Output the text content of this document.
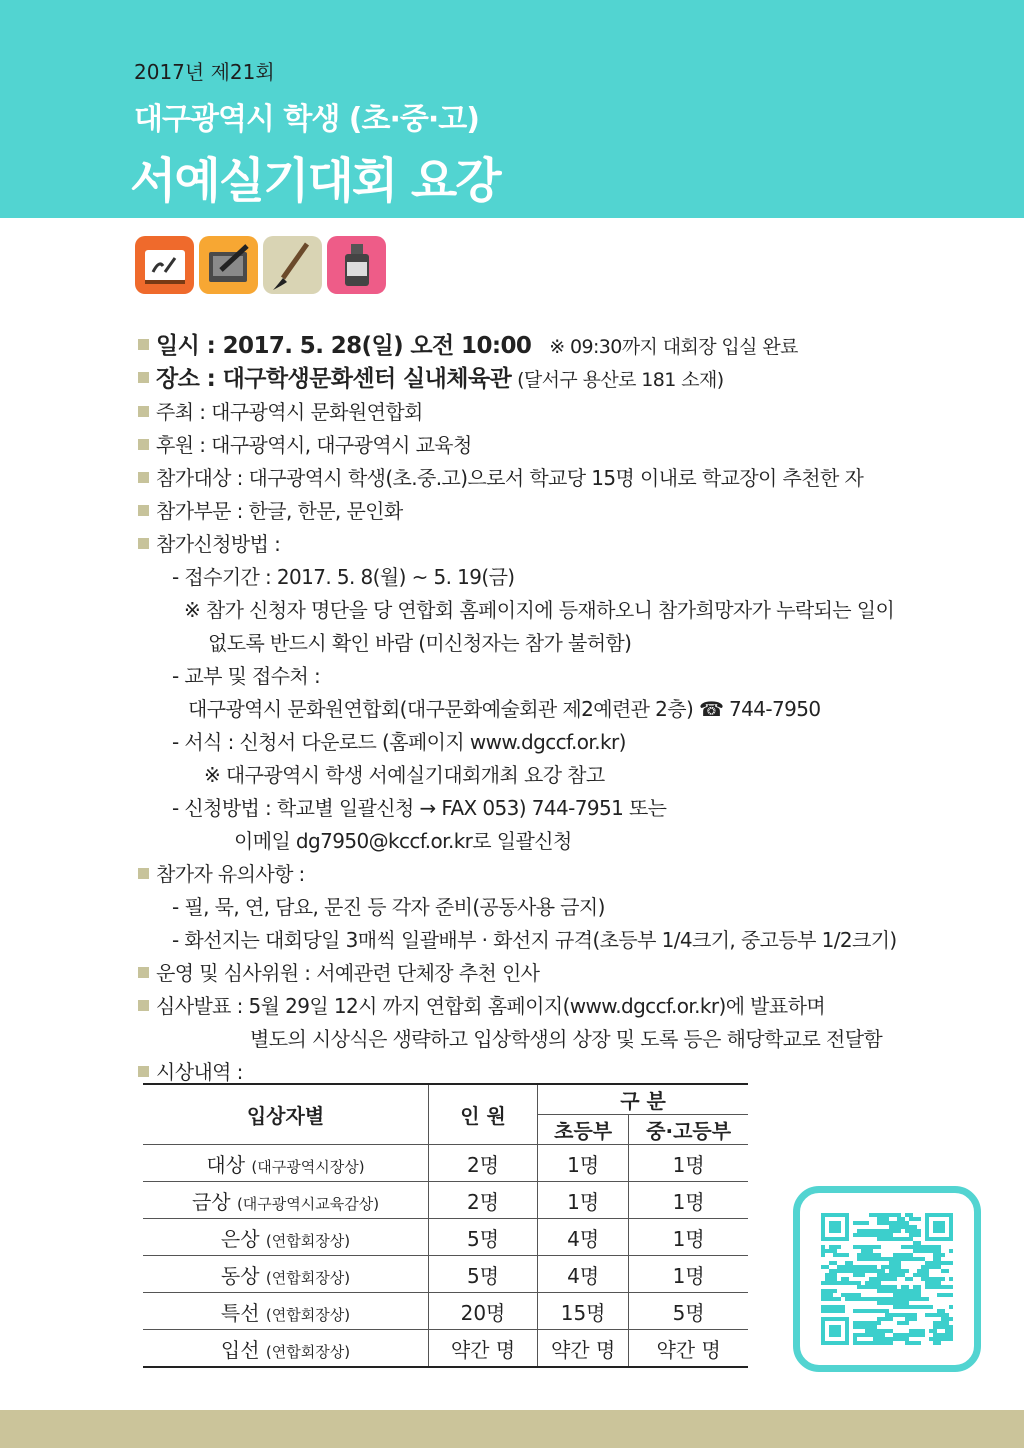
2017년 제21회
대구광역시 학생 (초·중·고)
서예실기대회 요강
일시 : 2017. 5. 28(일) 오전 10:00 ※ 09:30까지 대회장 입실 완료
장소 : 대구학생문화센터 실내체육관 (달서구 용산로 181 소재)
주최 : 대구광역시 문화원연합회
후원 : 대구광역시, 대구광역시 교육청
참가대상 : 대구광역시 학생(초.중.고)으로서 학교당 15명 이내로 학교장이 추천한 자
참가부문 : 한글, 한문, 문인화
참가신청방법 :
- 접수기간 : 2017. 5. 8(월) ~ 5. 19(금)
※ 참가 신청자 명단을 당 연합회 홈페이지에 등재하오니 참가희망자가 누락되는 일이
없도록 반드시 확인 바람 (미신청자는 참가 불허함)
- 교부 및 접수처 :
대구광역시 문화원연합회(대구문화예술회관 제2예련관 2층) ☎ 744-7950
- 서식 : 신청서 다운로드 (홈페이지 www.dgccf.or.kr)
※ 대구광역시 학생 서예실기대회개최 요강 참고
- 신청방법 : 학교별 일괄신청 → FAX 053) 744-7951 또는
이메일 dg7950@kccf.or.kr로 일괄신청
참가자 유의사항 :
- 필, 묵, 연, 담요, 문진 등 각자 준비(공동사용 금지)
- 화선지는 대회당일 3매씩 일괄배부 · 화선지 규격(초등부 1/4크기, 중고등부 1/2크기)
운영 및 심사위원 : 서예관련 단체장 추천 인사
심사발표 : 5월 29일 12시 까지 연합회 홈페이지(www.dgccf.or.kr)에 발표하며
별도의 시상식은 생략하고 입상학생의 상장 및 도록 등은 해당학교로 전달함
시상내역 :
입상자별	인 원	구 분	
		초등부	중·고등부
대상 (대구광역시장상)	2명	1명	1명
금상 (대구광역시교육감상)	2명	1명	1명
은상 (연합회장상)	5명	4명	1명
동상 (연합회장상)	5명	4명	1명
특선 (연합회장상)	20명	15명	5명
입선 (연합회장상)	약간 명	약간 명	약간 명
